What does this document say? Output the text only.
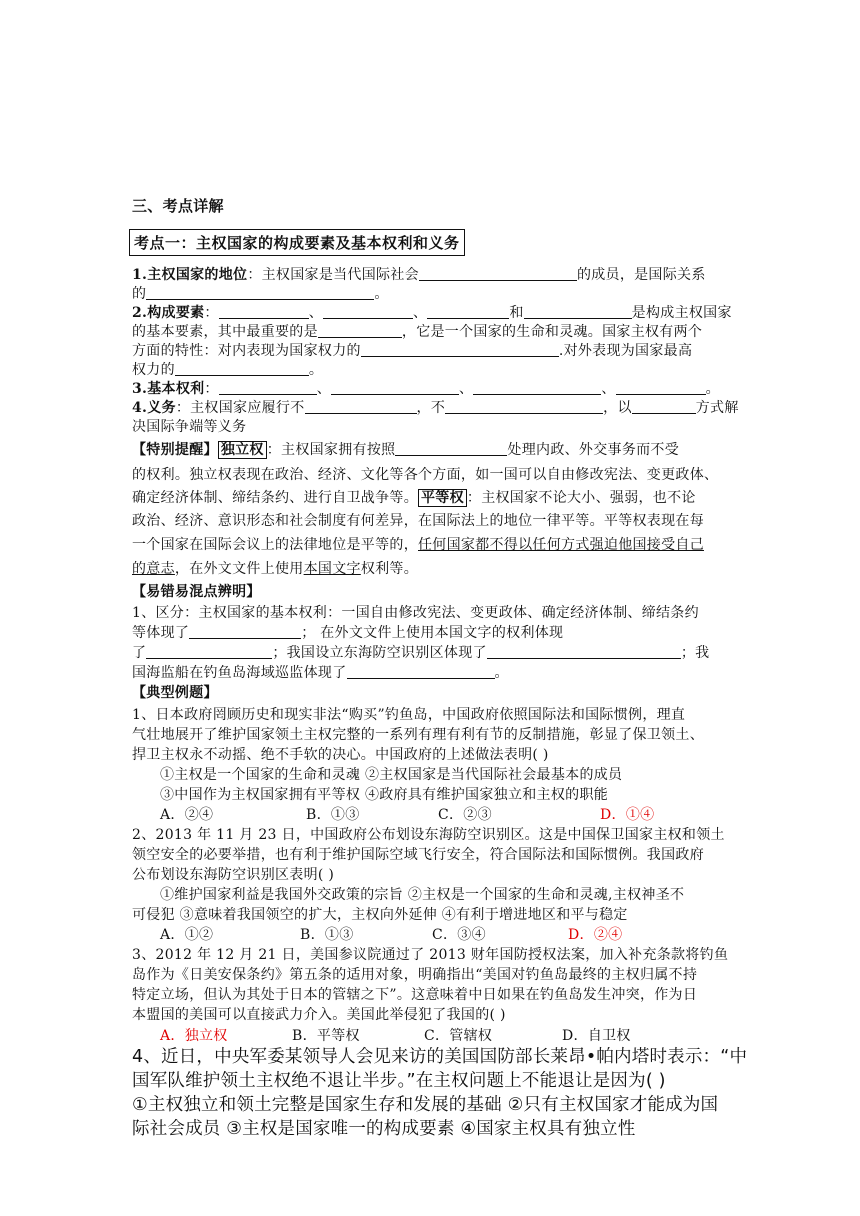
三、考点详解
考点一：主权国家的构成要素及基本权利和义务
1.主权国家的地位：主权国家是当代国际社会	的成员，是国际关系
的	。
2.构成要素：	、	、	和	是构成主权国家
的基本要素，其中最重要的是	，它是一个国家的生命和灵魂。国家主权有两个
方面的特性：对内表现为国家权力的	.对外表现为国家最高
权力的	。
3.基本权利：	、	、	、	。
4.义务：主权国家应履行不	，不	，以	方式解
决国际争端等义务
【特别提醒】 独立权 ：主权国家拥有按照	处理内政、外交事务而不受
的权利。独立权表现在政治、经济、文化等各个方面，如一国可以自由修改宪法、变更政体、
确定经济体制、缔结条约、进行自卫战争等。 平等权 ：主权国家不论大小、强弱，也不论
政治、经济、意识形态和社会制度有何差异，在国际法上的地位一律平等。平等权表现在每
一个国家在国际会议上的法律地位是平等的，任何国家都不得以任何方式强迫他国接受自己
的意志，在外文文件上使用本国文字权利等。
【易错易混点辨明】
1、区分：主权国家的基本权利：一国自由修改宪法、变更政体、确定经济体制、缔结条约
等体现了	； 在外文文件上使用本国文字的权利体现
了	；我国设立东海防空识别区体现了	；我
国海监船在钓鱼岛海域巡监体现了	。
【典型例题】
1、日本政府罔顾历史和现实非法“购买”钓鱼岛，中国政府依照国际法和国际惯例，理直
气壮地展开了维护国家领土主权完整的一系列有理有利有节的反制措施，彰显了保卫领土、
捍卫主权永不动摇、绝不手软的决心。中国政府的上述做法表明( )
①主权是一个国家的生命和灵魂 ②主权国家是当代国际社会最基本的成员
③中国作为主权国家拥有平等权 ④政府具有维护国家独立和主权的职能
A．②④	B．①③	C．②③	D．①④
2、2013 年 11 月 23 日，中国政府公布划设东海防空识别区。这是中国保卫国家主权和领土
领空安全的必要举措，也有利于维护国际空域飞行安全，符合国际法和国际惯例。我国政府
公布划设东海防空识别区表明( )
①维护国家利益是我国外交政策的宗旨 ②主权是一个国家的生命和灵魂,主权神圣不
可侵犯 ③意味着我国领空的扩大，主权向外延伸 ④有利于增进地区和平与稳定
A．①②	B．①③	C．③④	D．②④
3、2012 年 12 月 21 日，美国参议院通过了 2013 财年国防授权法案，加入补充条款将钓鱼
岛作为《日美安保条约》第五条的适用对象，明确指出“美国对钓鱼岛最终的主权归属不持
特定立场，但认为其处于日本的管辖之下”。这意味着中日如果在钓鱼岛发生冲突，作为日
本盟国的美国可以直接武力介入。美国此举侵犯了我国的( )
A．独立权	B．平等权	C．管辖权	D．自卫权
4、近日，中央军委某领导人会见来访的美国国防部长莱昂•帕内塔时表示：“中
国军队维护领土主权绝不退让半步。”在主权问题上不能退让是因为( )
①主权独立和领土完整是国家生存和发展的基础 ②只有主权国家才能成为国
际社会成员 ③主权是国家唯一的构成要素 ④国家主权具有独立性
